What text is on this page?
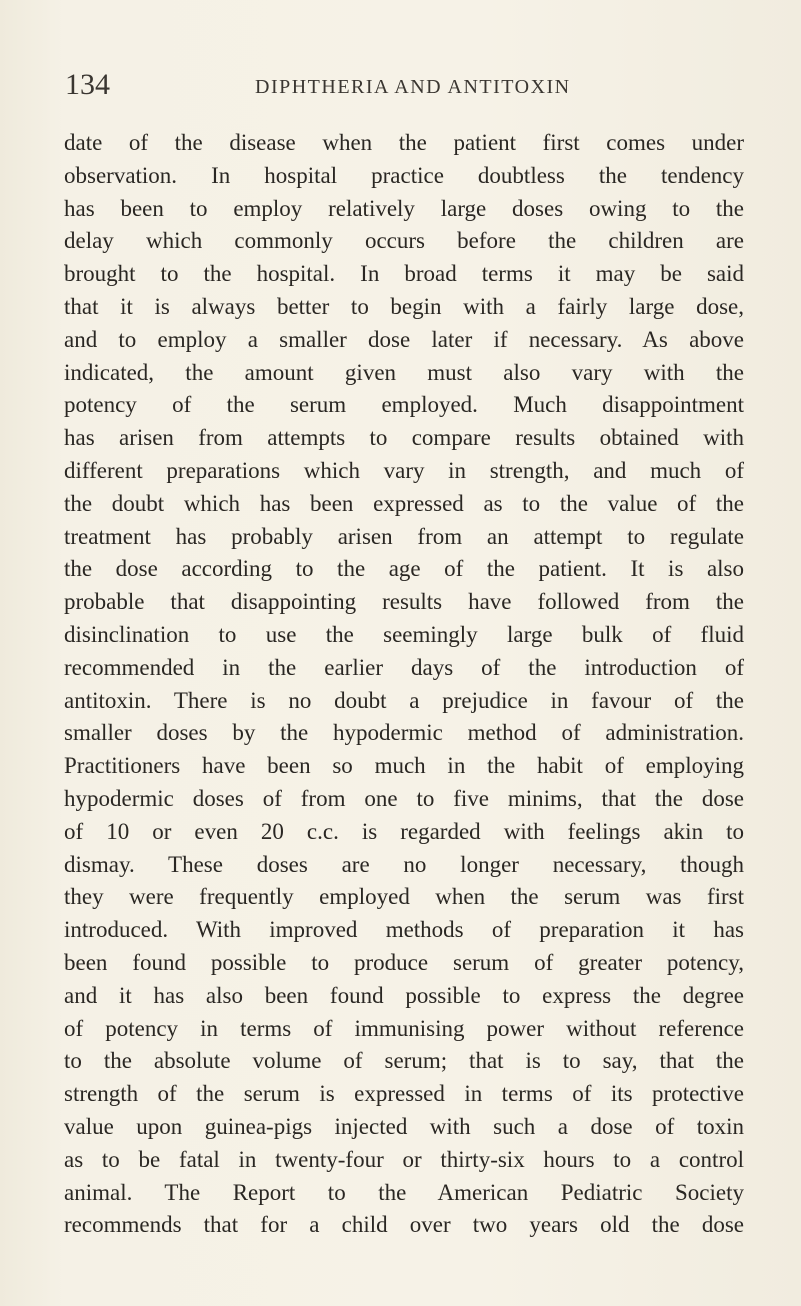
134	DIPHTHERIA AND ANTITOXIN
date of the disease when the patient first comes under
observation. In hospital practice doubtless the tendency
has been to employ relatively large doses owing to the
delay which commonly occurs before the children are
brought to the hospital. In broad terms it may be said
that it is always better to begin with a fairly large dose,
and to employ a smaller dose later if necessary. As above
indicated, the amount given must also vary with the
potency of the serum employed. Much disappointment
has arisen from attempts to compare results obtained with
different preparations which vary in strength, and much of
the doubt which has been expressed as to the value of the
treatment has probably arisen from an attempt to regulate
the dose according to the age of the patient. It is also
probable that disappointing results have followed from the
disinclination to use the seemingly large bulk of fluid
recommended in the earlier days of the introduction of
antitoxin. There is no doubt a prejudice in favour of the
smaller doses by the hypodermic method of administration.
Practitioners have been so much in the habit of employing
hypodermic doses of from one to five minims, that the dose
of 10 or even 20 c.c. is regarded with feelings akin to
dismay. These doses are no longer necessary, though
they were frequently employed when the serum was first
introduced. With improved methods of preparation it has
been found possible to produce serum of greater potency,
and it has also been found possible to express the degree
of potency in terms of immunising power without reference
to the absolute volume of serum; that is to say, that the
strength of the serum is expressed in terms of its protective
value upon guinea-pigs injected with such a dose of toxin
as to be fatal in twenty-four or thirty-six hours to a control
animal. The Report to the American Pediatric Society
recommends that for a child over two years old the dose
